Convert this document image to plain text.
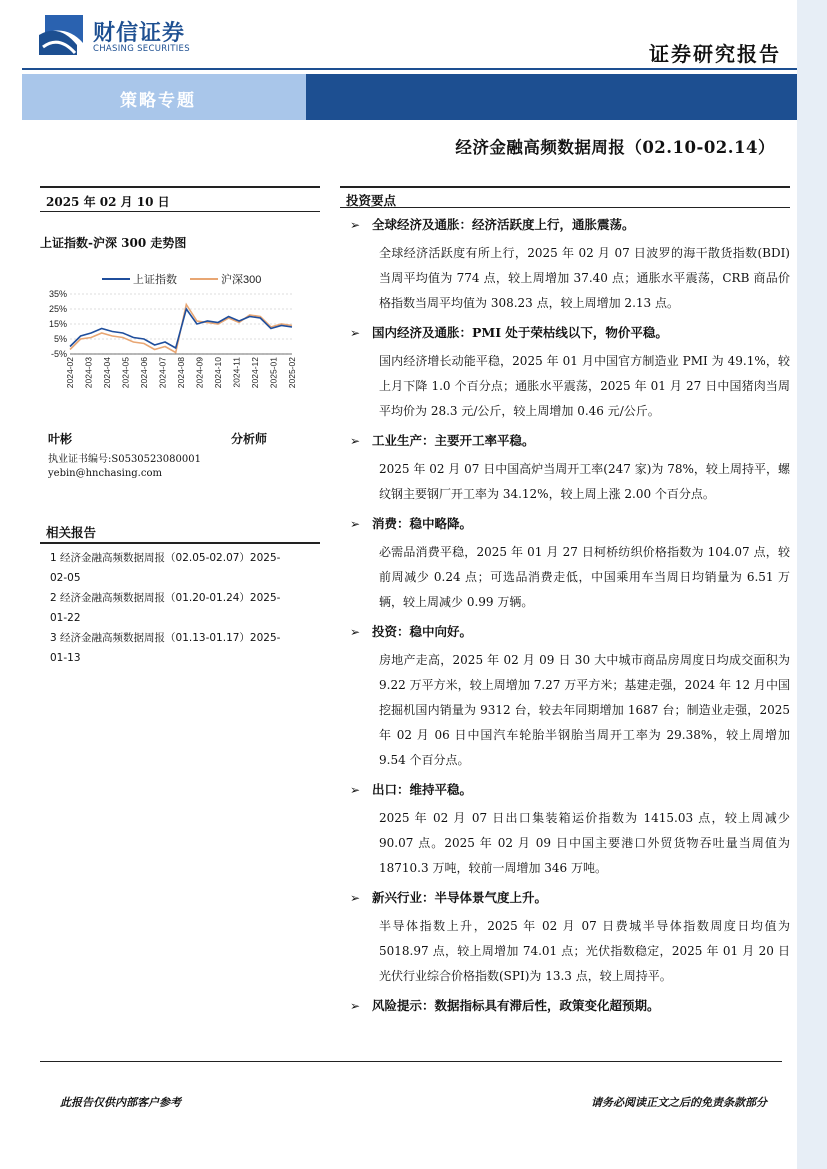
财信证券
CHASING SECURITIES	证券研究报告
策略专题
经济金融高频数据周报（02.10-02.14）
2025 年 02 月 10 日
上证指数-沪深 300 走势图
35%
25%
15%
5%
-5%
2024-02 2024-03 2024-04 2024-05 2024-06 2024-07 2024-08 2024-09 2024-10 2024-11 2024-12 2025-01 2025-02
上证指数	沪深300
叶彬	分析师
执业证书编号:S0530523080001
yebin@hnchasing.com
相关报告
1 经济金融高频数据周报（02.05-02.07）2025-
02-05
2 经济金融高频数据周报（01.20-01.24）2025-
01-22
3 经济金融高频数据周报（01.13-01.17）2025-
01-13
投资要点
➢ 全球经济及通胀：经济活跃度上行，通胀震荡。
全球经济活跃度有所上行，2025 年 02 月 07 日波罗的海干散货指数(BDI)当周平均值为 774 点，较上周增加 37.40 点；通胀水平震荡，CRB 商品价格指数当周平均值为 308.23 点，较上周增加 2.13 点。
➢ 国内经济及通胀：PMI 处于荣枯线以下，物价平稳。
国内经济增长动能平稳，2025 年 01 月中国官方制造业 PMI 为 49.1%，较上月下降 1.0 个百分点；通胀水平震荡，2025 年 01 月 27 日中国猪肉当周平均价为 28.3 元/公斤，较上周增加 0.46 元/公斤。
➢ 工业生产：主要开工率平稳。
2025 年 02 月 07 日中国高炉当周开工率(247 家)为 78%，较上周持平，螺纹钢主要钢厂开工率为 34.12%，较上周上涨 2.00 个百分点。
➢ 消费：稳中略降。
必需品消费平稳，2025 年 01 月 27 日柯桥纺织价格指数为 104.07 点，较前周减少 0.24 点；可选品消费走低，中国乘用车当周日均销量为 6.51 万辆，较上周减少 0.99 万辆。
➢ 投资：稳中向好。
房地产走高，2025 年 02 月 09 日 30 大中城市商品房周度日均成交面积为 9.22 万平方米，较上周增加 7.27 万平方米；基建走强，2024 年 12 月中国挖掘机国内销量为 9312 台，较去年同期增加 1687 台；制造业走强，2025 年 02 月 06 日中国汽车轮胎半钢胎当周开工率为 29.38%，较上周增加 9.54 个百分点。
➢ 出口：维持平稳。
2025 年 02 月 07 日出口集装箱运价指数为 1415.03 点，较上周减少 90.07 点。2025 年 02 月 09 日中国主要港口外贸货物吞吐量当周值为 18710.3 万吨，较前一周增加 346 万吨。
➢ 新兴行业：半导体景气度上升。
半导体指数上升，2025 年 02 月 07 日费城半导体指数周度日均值为 5018.97 点，较上周增加 74.01 点；光伏指数稳定，2025 年 01 月 20 日光伏行业综合价格指数(SPI)为 13.3 点，较上周持平。
➢ 风险提示：数据指标具有滞后性，政策变化超预期。
此报告仅供内部客户参考	请务必阅读正文之后的免责条款部分
